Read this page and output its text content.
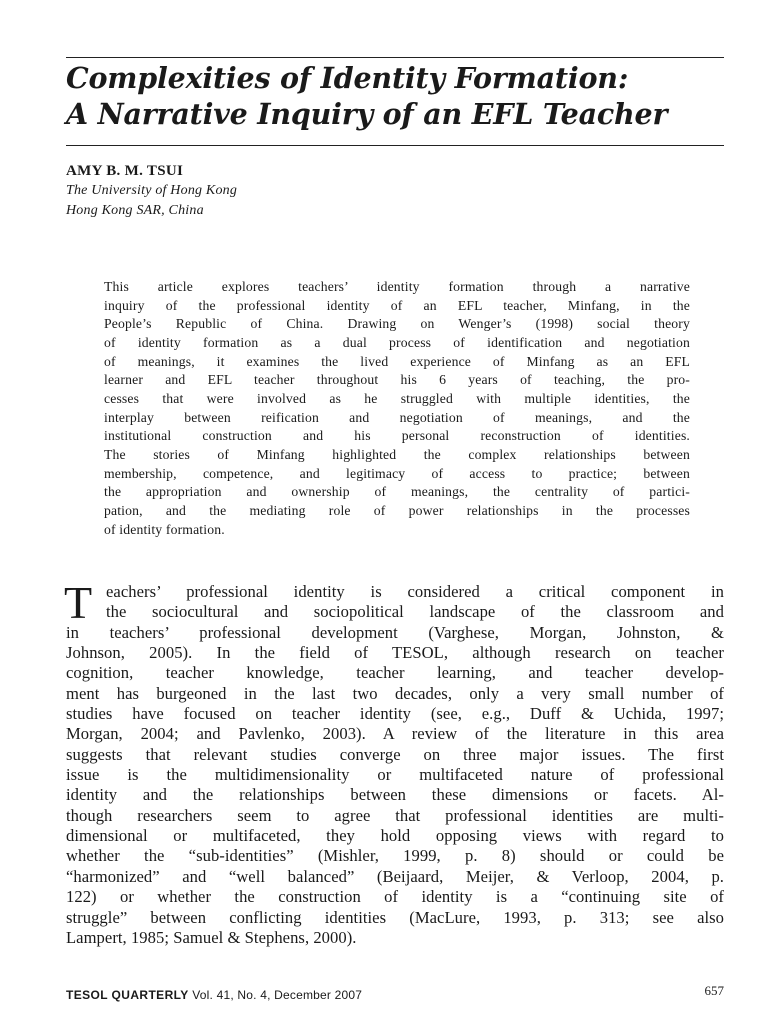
Complexities of Identity Formation:
A Narrative Inquiry of an EFL Teacher

AMY B. M. TSUI

The University of Hong Kong

Hong Kong SAR, China

This article explores teachers’ identity formation through a narrative
inquiry of the professional identity of an EFL teacher, Minfang, in the
People’s Republic of China. Drawing on Wenger’s (1998) social theory
of identity formation as a dual process of identification and negotiation
of meanings, it examines the lived experience of Minfang as an EFL
learner and EFL teacher throughout his 6 years of teaching, the pro-
cesses that were involved as he struggled with multiple identities, the
interplay between reification and negotiation of meanings, and the
institutional construction and his personal reconstruction of identities.
The stories of Minfang highlighted the complex relationships between
membership, competence, and legitimacy of access to practice; between
the appropriation and ownership of meanings, the centrality of partici-
pation, and the mediating role of power relationships in the processes
of identity formation.
T eachers’ professional identity is considered a critical component in
the sociocultural and sociopolitical landscape of the classroom and
in teachers’ professional development (Varghese, Morgan, Johnston, &
Johnson, 2005). In the field of TESOL, although research on teacher
cognition, teacher knowledge, teacher learning, and teacher develop-
ment has burgeoned in the last two decades, only a very small number of
studies have focused on teacher identity (see, e.g., Duff & Uchida, 1997;
Morgan, 2004; and Pavlenko, 2003). A review of the literature in this area
suggests that relevant studies converge on three major issues. The first
issue is the multidimensionality or multifaceted nature of professional
identity and the relationships between these dimensions or facets. Al-
though researchers seem to agree that professional identities are multi-
dimensional or multifaceted, they hold opposing views with regard to
whether the “sub-identities” (Mishler, 1999, p. 8) should or could be
“harmonized” and “well balanced” (Beijaard, Meijer, & Verloop, 2004, p.
122) or whether the construction of identity is a “continuing site of
struggle” between conflicting identities (MacLure, 1993, p. 313; see also
Lampert, 1985; Samuel & Stephens, 2000).
TESOL QUARTERLY Vol. 41, No. 4, December 2007	657
